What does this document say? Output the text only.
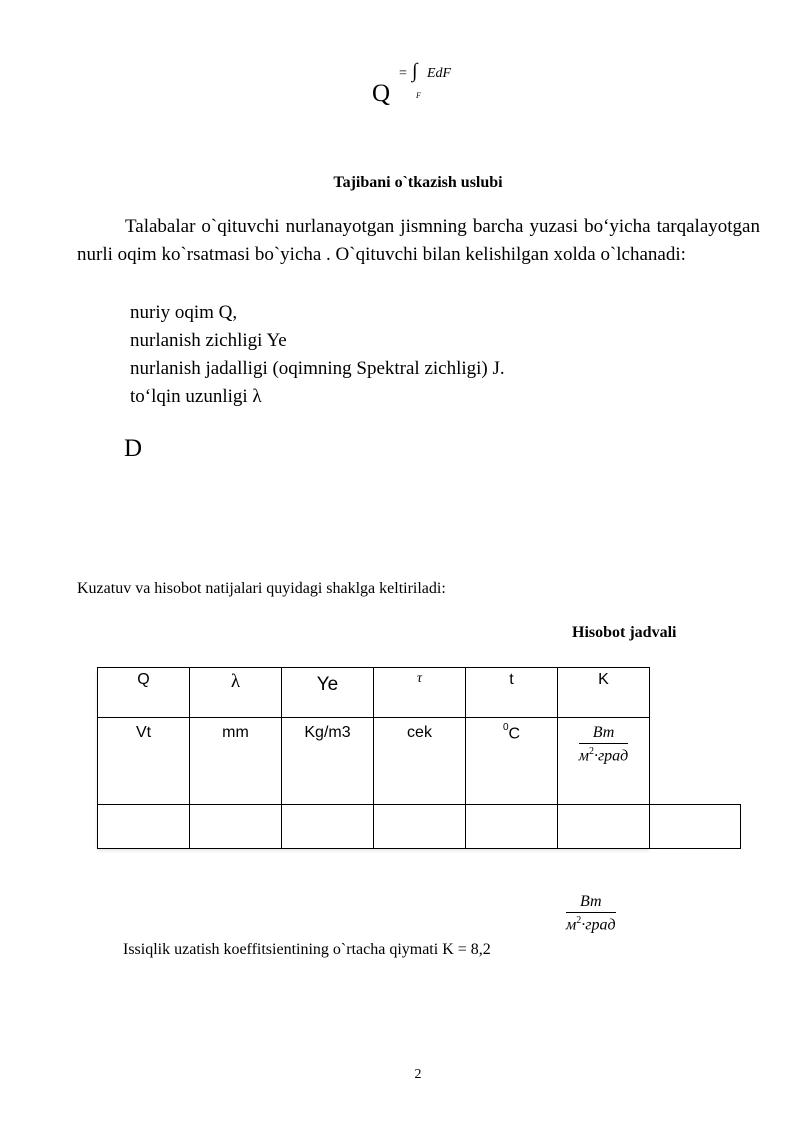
Q
= ∫ EdF
F
Tajibani o`tkazish uslubi
Talabalar o`qituvchi nurlanayotgan jismning barcha yuzasi bo‘yicha tarqalayotgan nurli oqim ko`rsatmasi bo`yicha . O`qituvchi bilan kelishilgan xolda o`lchanadi:
nuriy oqim Q,
nurlanish zichligi Ye
nurlanish jadalligi (oqimning Spektral zichligi) J.
to‘lqin uzunligi λ
D
Kuzatuv va hisobot natijalari quyidagi shaklga keltiriladi:
Hisobot jadvali
Q	λ	Ye	τ	t	K
Vt	mm	Kg/m3	cek	$^0$C	$\frac{Вт}{м^2\cdot град}$
$\frac{Вт}{м^2\cdot град}$
Issiqlik uzatish koeffitsientining o`rtacha qiymati K = 8,2
2
